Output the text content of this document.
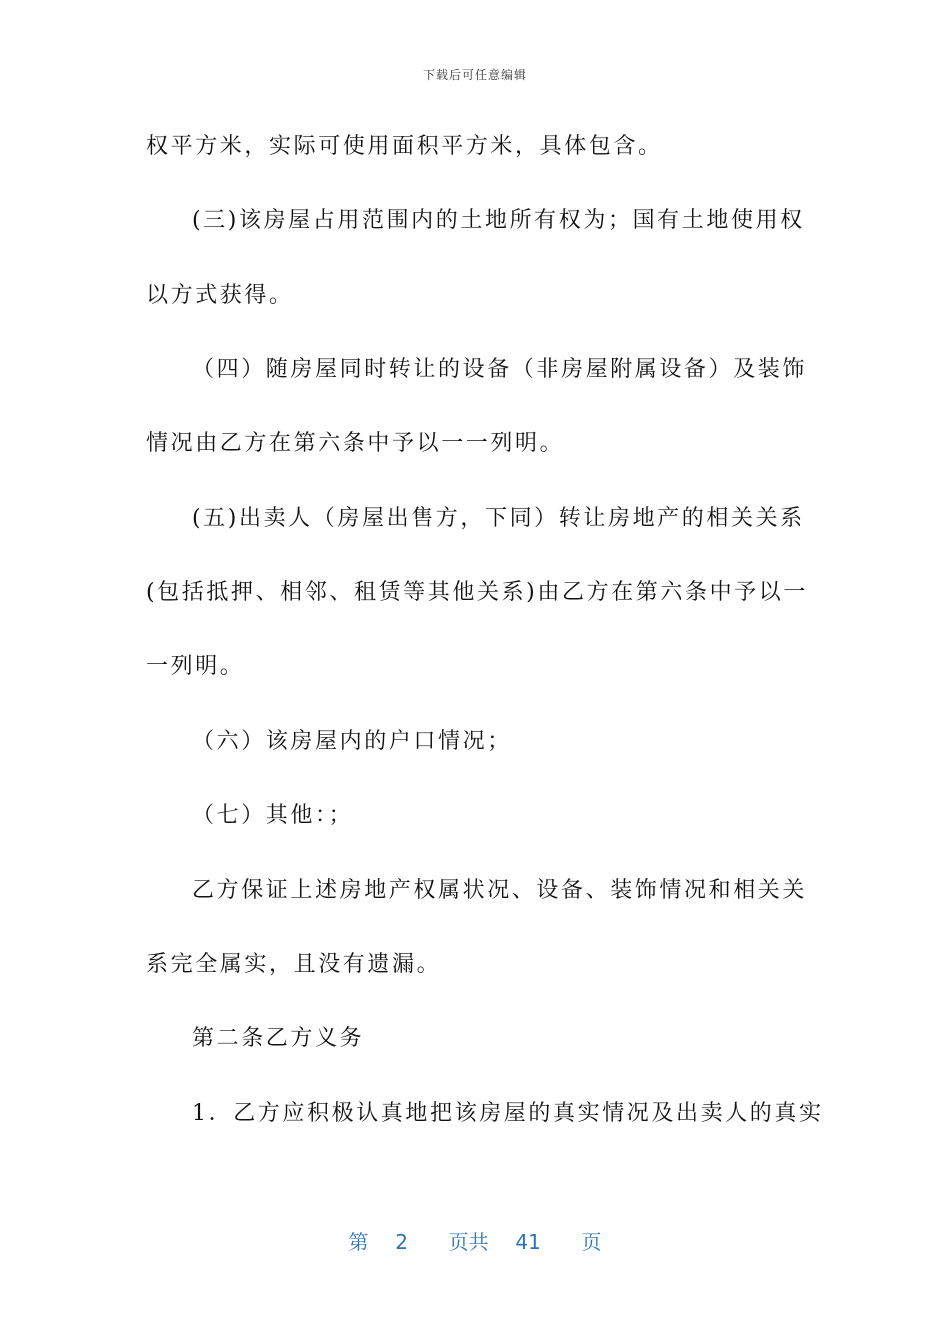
下载后可任意编辑
权平方米，实际可使用面积平方米，具体包含。
(三)该房屋占用范围内的土地所有权为；国有土地使用权
以方式获得。
（四）随房屋同时转让的设备（非房屋附属设备）及装饰
情况由乙方在第六条中予以一一列明。
(五)出卖人（房屋出售方，下同）转让房地产的相关关系
(包括抵押、相邻、租赁等其他关系)由乙方在第六条中予以一
一列明。
（六）该房屋内的户口情况；
（七）其他：；
乙方保证上述房地产权属状况、设备、装饰情况和相关关
系完全属实，且没有遗漏。
第二条乙方义务
1．乙方应积极认真地把该房屋的真实情况及出卖人的真实
第 2 页共 41 页
